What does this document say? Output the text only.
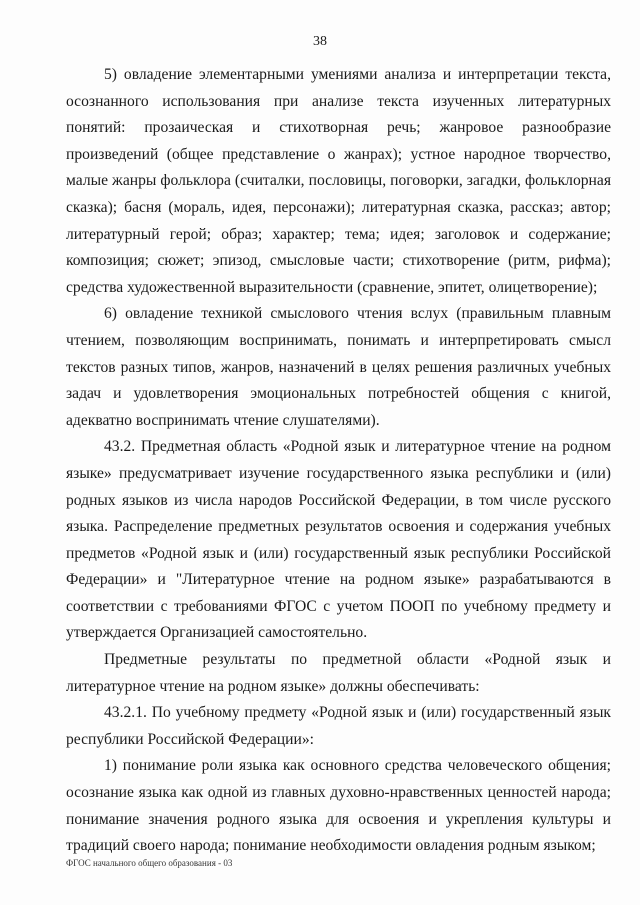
38

5) овладение элементарными умениями анализа и интерпретации текста, осознанного использования при анализе текста изученных литературных понятий: прозаическая и стихотворная речь; жанровое разнообразие произведений (общее представление о жанрах); устное народное творчество, малые жанры фольклора (считалки, пословицы, поговорки, загадки, фольклорная сказка); басня (мораль, идея, персонажи); литературная сказка, рассказ; автор; литературный герой; образ; характер; тема; идея; заголовок и содержание; композиция; сюжет; эпизод, смысловые части; стихотворение (ритм, рифма); средства художественной выразительности (сравнение, эпитет, олицетворение);

6) овладение техникой смыслового чтения вслух (правильным плавным чтением, позволяющим воспринимать, понимать и интерпретировать смысл текстов разных типов, жанров, назначений в целях решения различных учебных задач и удовлетворения эмоциональных потребностей общения с книгой, адекватно воспринимать чтение слушателями).

43.2. Предметная область «Родной язык и литературное чтение на родном языке» предусматривает изучение государственного языка республики и (или) родных языков из числа народов Российской Федерации, в том числе русского языка. Распределение предметных результатов освоения и содержания учебных предметов «Родной язык и (или) государственный язык республики Российской Федерации» и "Литературное чтение на родном языке» разрабатываются в соответствии с требованиями ФГОС с учетом ПООП по учебному предмету и утверждается Организацией самостоятельно.

Предметные результаты по предметной области «Родной язык и литературное чтение на родном языке» должны обеспечивать:

43.2.1. По учебному предмету «Родной язык и (или) государственный язык республики Российской Федерации»:

1) понимание роли языка как основного средства человеческого общения; осознание языка как одной из главных духовно-нравственных ценностей народа; понимание значения родного языка для освоения и укрепления культуры и традиций своего народа; понимание необходимости овладения родным языком;

ФГОС начального общего образования - 03
